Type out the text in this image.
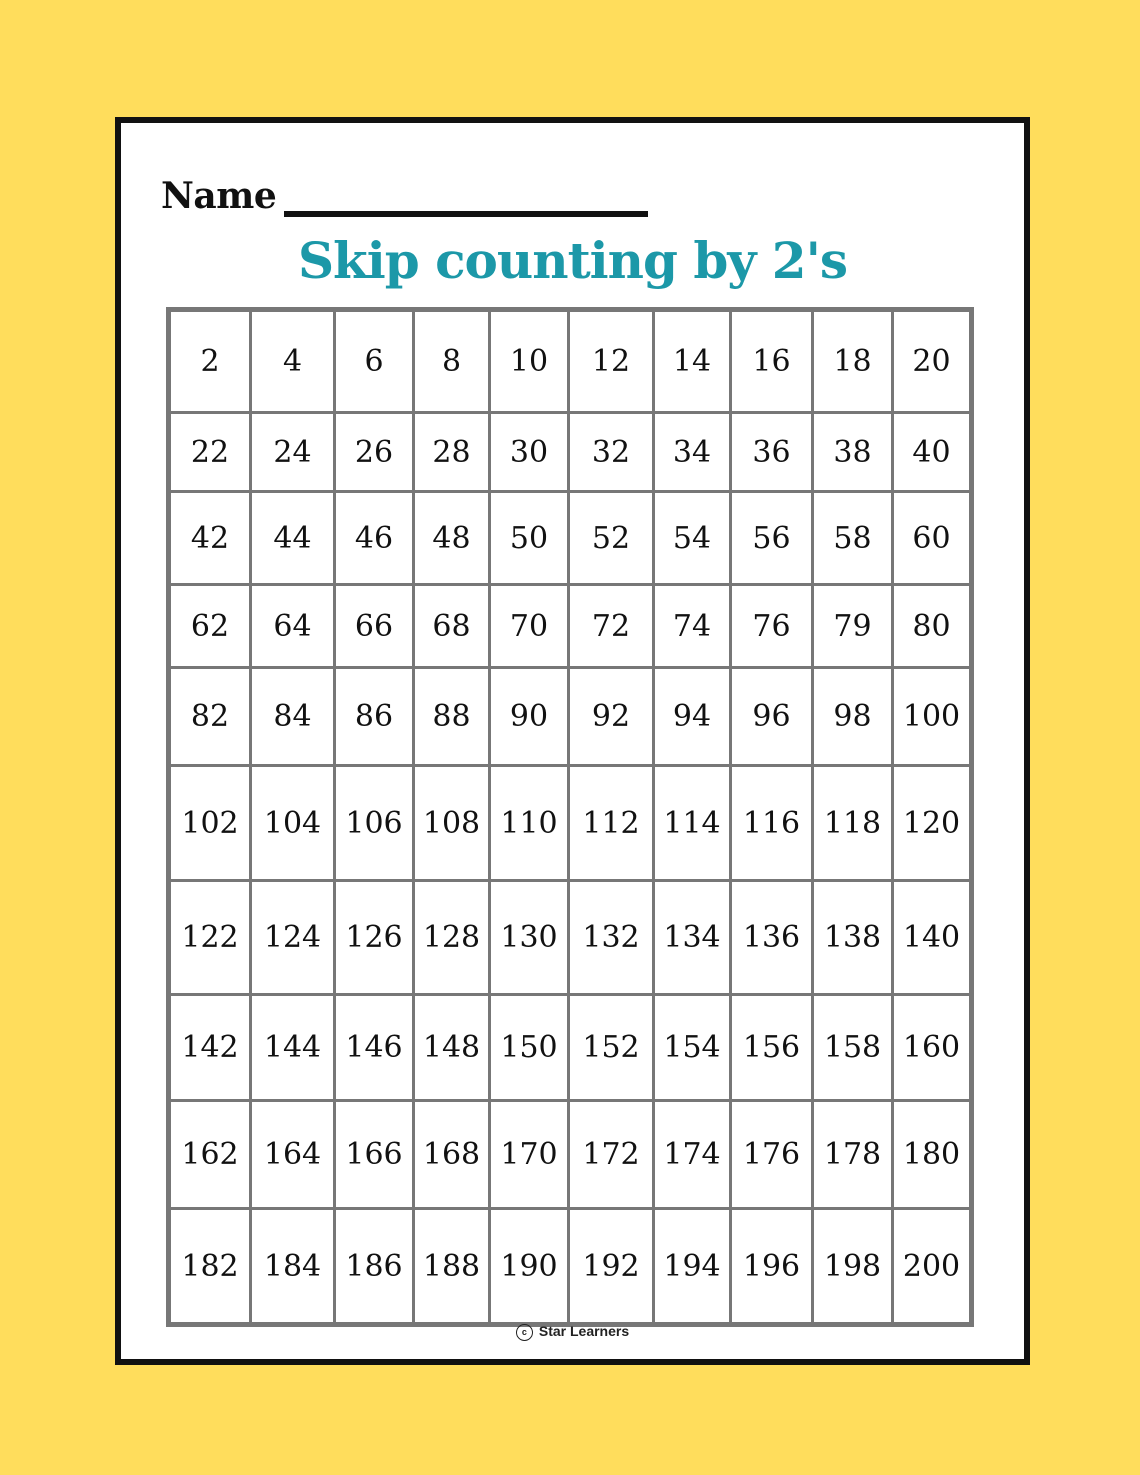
Name
Skip counting by 2's
2	4	6	8	10	12	14	16	18	20
22	24	26	28	30	32	34	36	38	40
42	44	46	48	50	52	54	56	58	60
62	64	66	68	70	72	74	76	79	80
82	84	86	88	90	92	94	96	98	100
102 104 106 108 110 112 114 116 118 120
122 124 126 128 130 132 134 136 138 140
142 144 146 148 150 152 154 156 158 160
162 164 166 168 170 172 174 176 178 180
182 184 186 188 190 192 194 196 198 200
c Star Learners
